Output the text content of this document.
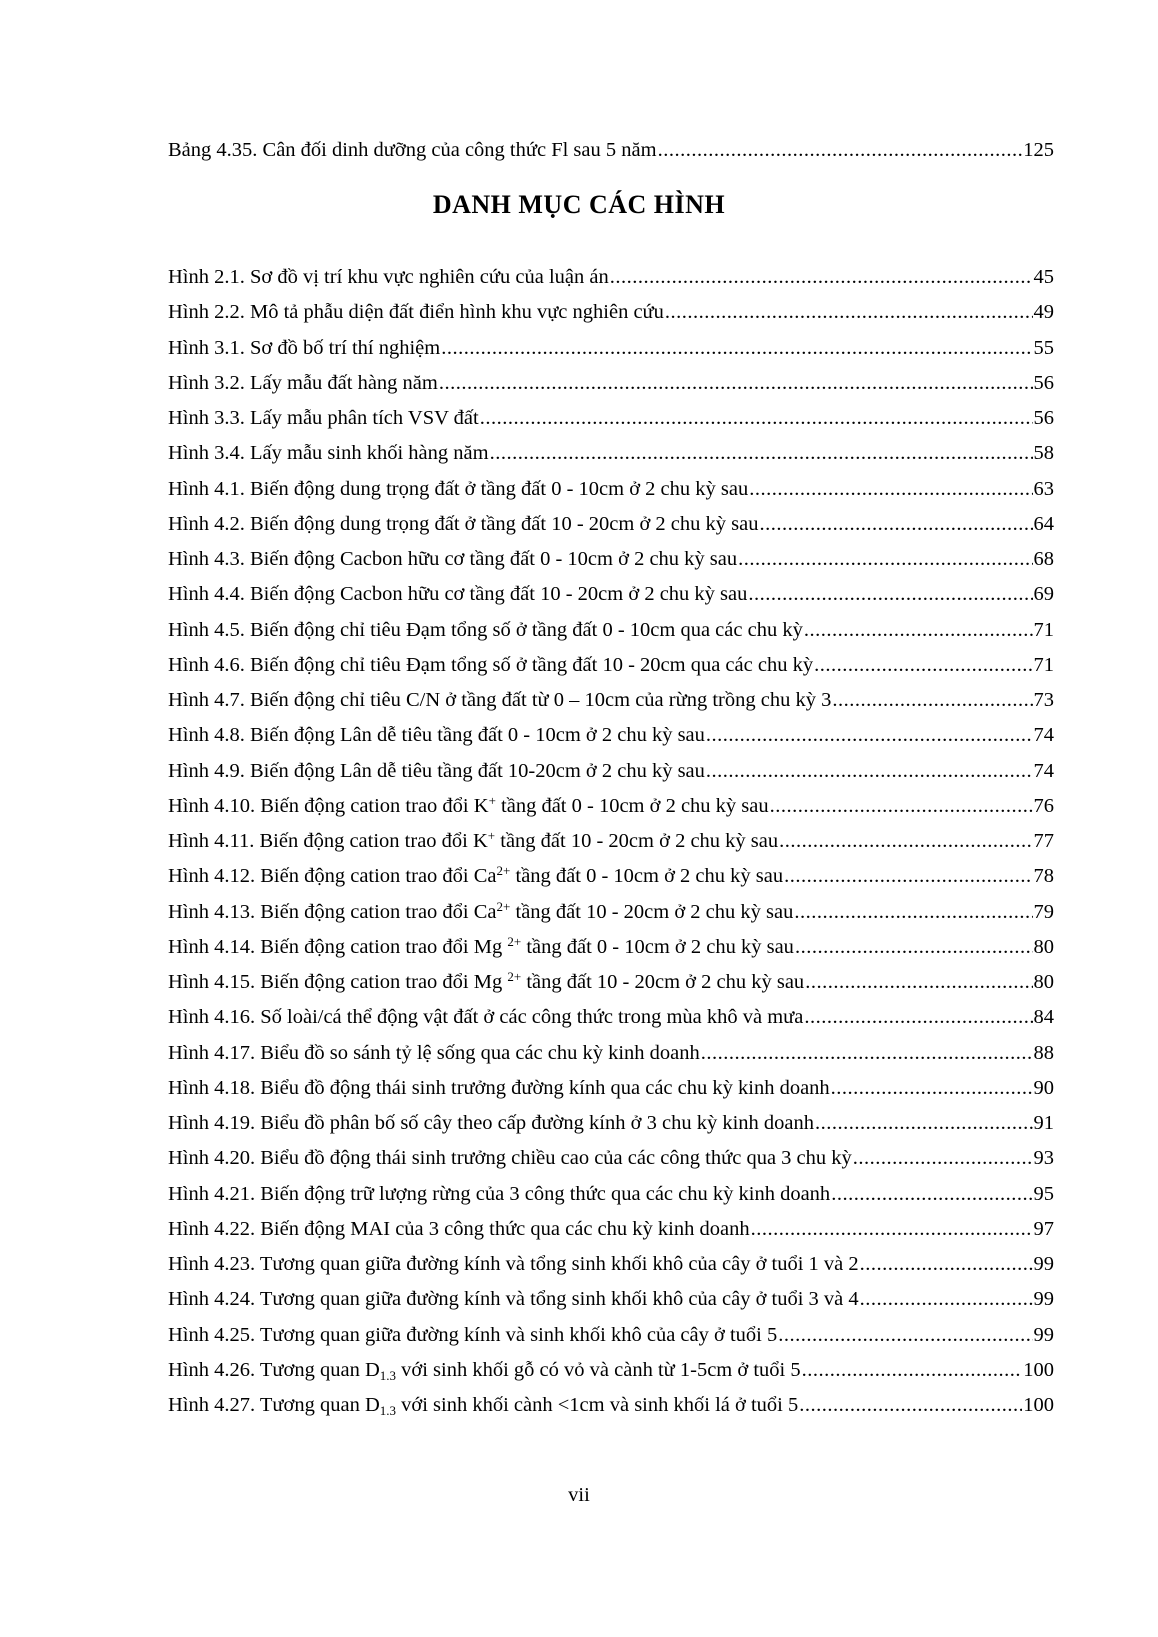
Bảng 4.35. Cân đối dinh dưỡng của công thức Fl sau 5 năm .....	125
DANH MỤC CÁC HÌNH
Hình 2.1. Sơ đồ vị trí khu vực nghiên cứu của luận án .....	45
Hình 2.2. Mô tả phẫu diện đất điển hình khu vực nghiên cứu .....	49
Hình 3.1. Sơ đồ bố trí thí nghiệm .....	55
Hình 3.2. Lấy mẫu đất hàng năm .....	56
Hình 3.3. Lấy mẫu phân tích VSV đất .....	56
Hình 3.4. Lấy mẫu sinh khối hàng năm .....	58
Hình 4.1. Biến động dung trọng đất ở tầng đất 0 - 10cm ở 2 chu kỳ sau .....	63
Hình 4.2. Biến động dung trọng đất ở tầng đất 10 - 20cm ở 2 chu kỳ sau .....	64
Hình 4.3. Biến động Cacbon hữu cơ tầng đất 0 - 10cm ở 2 chu kỳ sau .....	68
Hình 4.4. Biến động Cacbon hữu cơ tầng đất 10 - 20cm ở 2 chu kỳ sau .....	69
Hình 4.5. Biến động chỉ tiêu Đạm tổng số ở tầng đất 0 - 10cm qua các chu kỳ .....	71
Hình 4.6. Biến động chỉ tiêu Đạm tổng số ở tầng đất 10 - 20cm qua các chu kỳ .....	71
Hình 4.7. Biến động chỉ tiêu C/N ở tầng đất từ 0 – 10cm của rừng trồng chu kỳ 3 .....	73
Hình 4.8. Biến động Lân dễ tiêu tầng đất 0 - 10cm ở 2 chu kỳ sau .....	74
Hình 4.9. Biến động Lân dễ tiêu tầng đất 10-20cm ở 2 chu kỳ sau .....	74
Hình 4.10. Biến động cation trao đổi K+ tầng đất 0 - 10cm ở 2 chu kỳ sau .....	76
Hình 4.11. Biến động cation trao đổi K+ tầng đất 10 - 20cm ở 2 chu kỳ sau .....	77
Hình 4.12. Biến động cation trao đổi $Ca^{2+}$ tầng đất 0 - 10cm ở 2 chu kỳ sau .....	78
Hình 4.13. Biến động cation trao đổi $Ca^{2+}$ tầng đất 10 - 20cm ở 2 chu kỳ sau .....	79
Hình 4.14. Biến động cation trao đổi Mg $^{2+}$ tầng đất 0 - 10cm ở 2 chu kỳ sau .....	80
Hình 4.15. Biến động cation trao đổi Mg $^{2+}$ tầng đất 10 - 20cm ở 2 chu kỳ sau .....	80
Hình 4.16. Số loài/cá thể động vật đất ở các công thức trong mùa khô và mưa .....	84
Hình 4.17. Biểu đồ so sánh tỷ lệ sống qua các chu kỳ kinh doanh .....	88
Hình 4.18. Biểu đồ động thái sinh trưởng đường kính qua các chu kỳ kinh doanh .....	90
Hình 4.19. Biểu đồ phân bố số cây theo cấp đường kính ở 3 chu kỳ kinh doanh .....	91
Hình 4.20. Biểu đồ động thái sinh trưởng chiều cao của các công thức qua 3 chu kỳ .....	93
Hình 4.21. Biến động trữ lượng rừng của 3 công thức qua các chu kỳ kinh doanh .....	95
Hình 4.22. Biến động MAI của 3 công thức qua các chu kỳ kinh doanh .....	97
Hình 4.23. Tương quan giữa đường kính và tổng sinh khối khô của cây ở tuổi 1 và 2 .....	99
Hình 4.24. Tương quan giữa đường kính và tổng sinh khối khô của cây ở tuổi 3 và 4 .....	99
Hình 4.25. Tương quan giữa đường kính và sinh khối khô của cây ở tuổi 5 .....	99
Hình 4.26. Tương quan $D_{1.3}$ với sinh khối gỗ có vỏ và cành từ 1-5cm ở tuổi 5 .....	100
Hình 4.27. Tương quan $D_{1.3}$ với sinh khối cành <1cm và sinh khối lá ở tuổi 5 .....	100
vii
